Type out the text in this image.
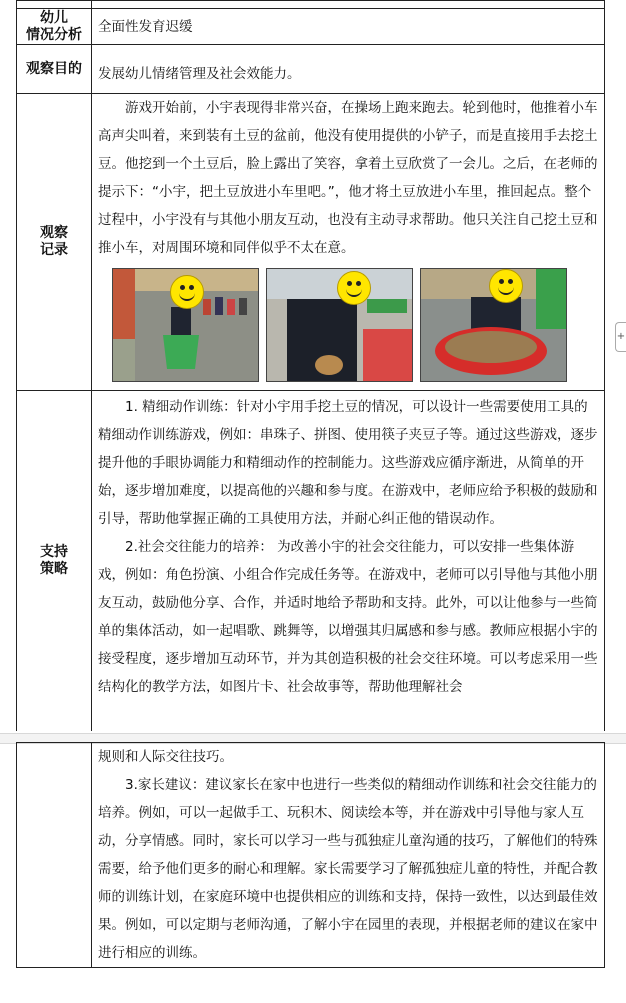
幼儿
情况分析	全面性发育迟缓
观察目的	发展幼儿情绪管理及社会效能力。
观察
记录

游戏开始前，小宇表现得非常兴奋，在操场上跑来跑去。轮到他时，他推着小车高声尖叫着，来到装有土豆的盆前，他没有使用提供的小铲子，而是直接用手去挖土豆。他挖到一个土豆后，脸上露出了笑容，拿着土豆欣赏了一会儿。之后，在老师的提示下：“小宇，把土豆放进小车里吧。”，他才将土豆放进小车里，推回起点。整个过程中，小宇没有与其他小朋友互动，也没有主动寻求帮助。他只关注自己挖土豆和推小车，对周围环境和同伴似乎不太在意。

支持
策略

1. 精细动作训练：针对小宇用手挖土豆的情况，可以设计一些需要使用工具的精细动作训练游戏，例如：串珠子、拼图、使用筷子夹豆子等。通过这些游戏，逐步提升他的手眼协调能力和精细动作的控制能力。这些游戏应循序渐进，从简单的开始，逐步增加难度，以提高他的兴趣和参与度。在游戏中，老师应给予积极的鼓励和引导，帮助他掌握正确的工具使用方法，并耐心纠正他的错误动作。

2.社会交往能力的培养： 为改善小宇的社会交往能力，可以安排一些集体游戏，例如：角色扮演、小组合作完成任务等。在游戏中，老师可以引导他与其他小朋友互动，鼓励他分享、合作，并适时地给予帮助和支持。此外，可以让他参与一些简单的集体活动，如一起唱歌、跳舞等，以增强其归属感和参与感。教师应根据小宇的接受程度，逐步增加互动环节，并为其创造积极的社会交往环境。可以考虑采用一些结构化的教学方法，如图片卡、社会故事等，帮助他理解社会

规则和人际交往技巧。

3.家长建议：建议家长在家中也进行一些类似的精细动作训练和社会交往能力的培养。例如，可以一起做手工、玩积木、阅读绘本等，并在游戏中引导他与家人互动，分享情感。同时，家长可以学习一些与孤独症儿童沟通的技巧，了解他们的特殊需要，给予他们更多的耐心和理解。家长需要学习了解孤独症儿童的特性，并配合教师的训练计划，在家庭环境中也提供相应的训练和支持，保持一致性，以达到最佳效果。例如，可以定期与老师沟通，了解小宇在园里的表现，并根据老师的建议在家中进行相应的训练。

+
